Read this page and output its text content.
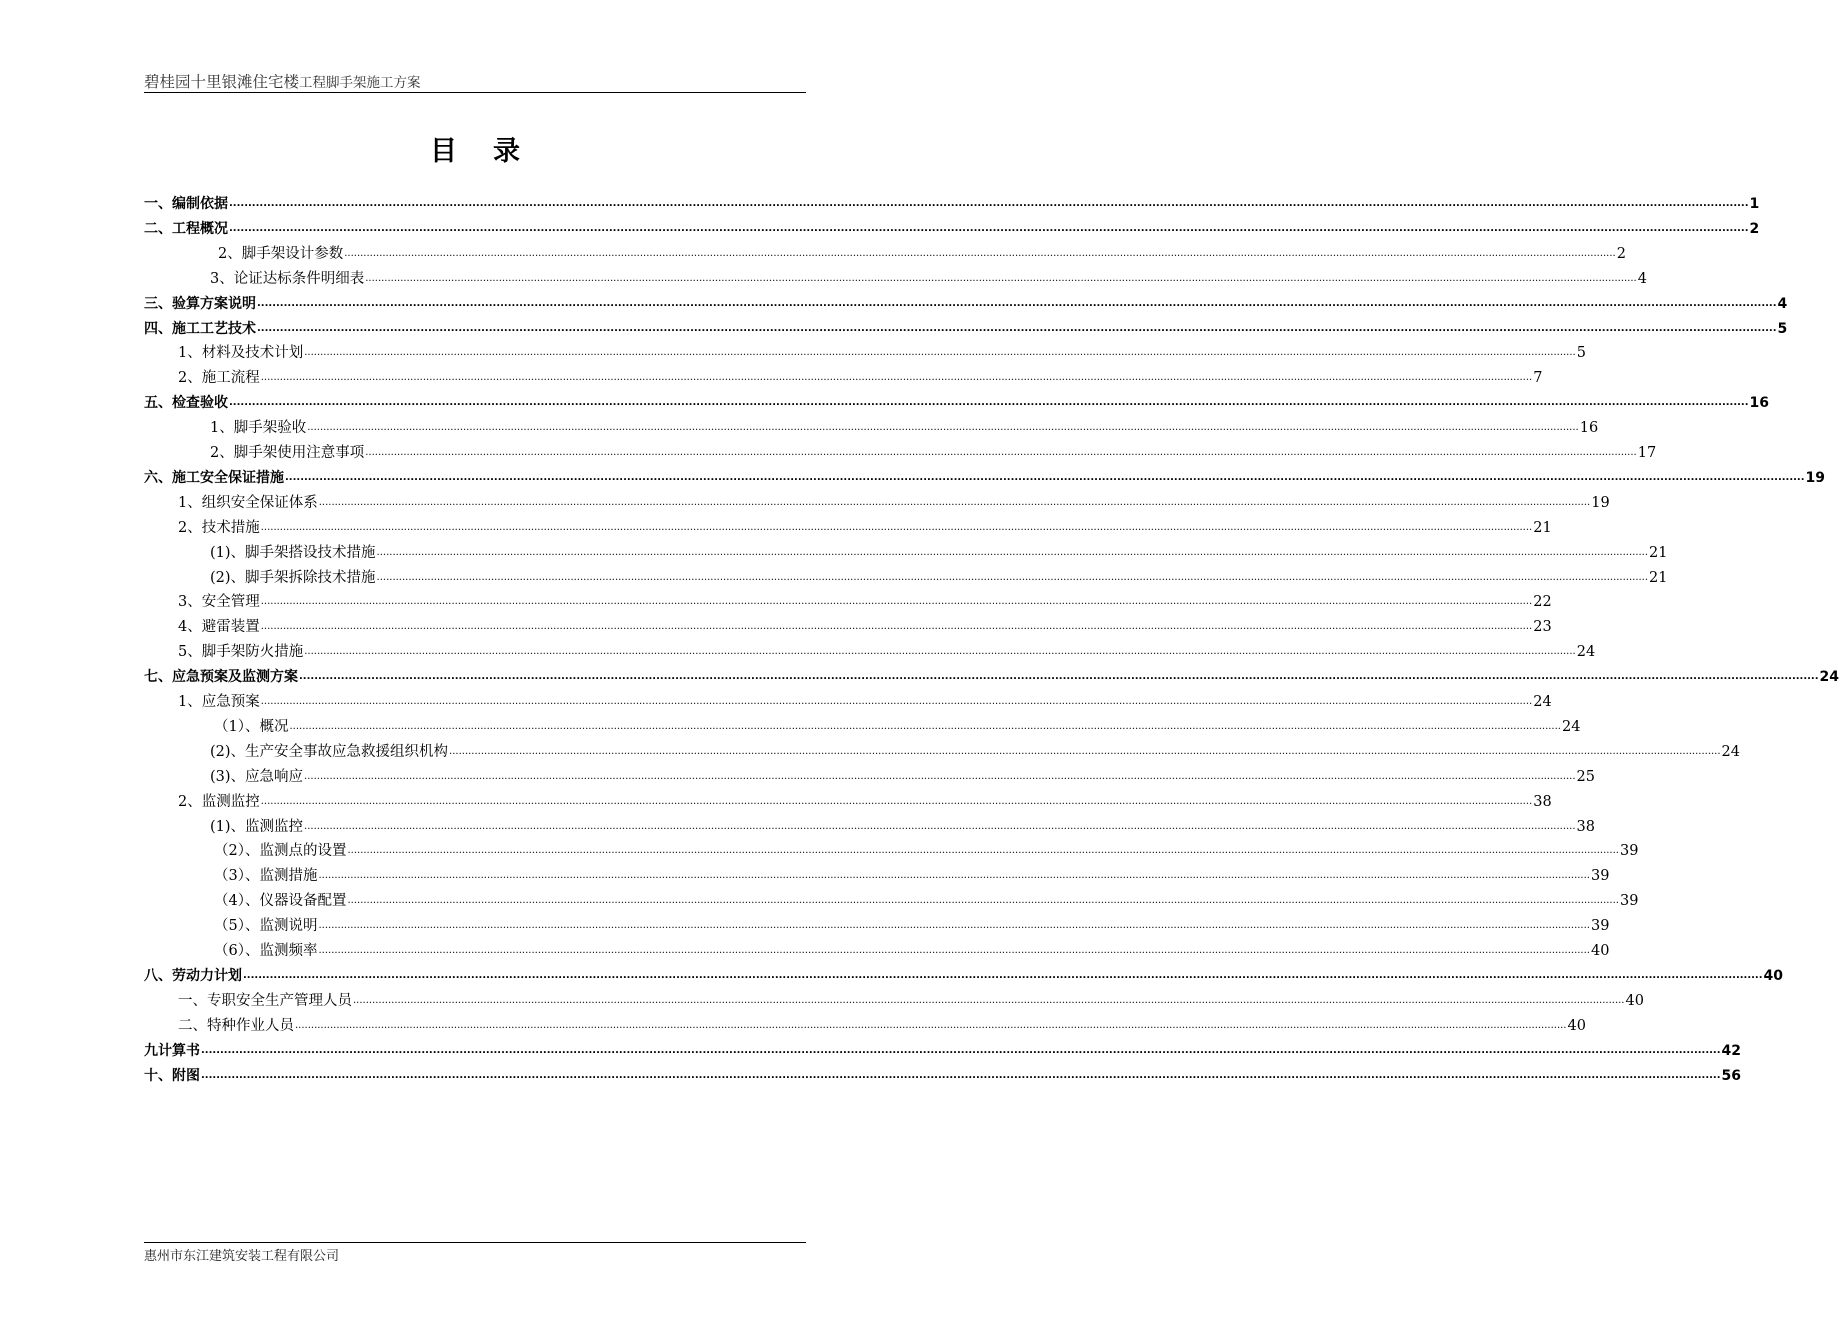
碧桂园十里银滩住宅楼工程脚手架施工方案
目录
一、编制依据 ................................................................................................................................................................................................................................................................................................................................................................................................................ 1
二、工程概况 ................................................................................................................................................................................................................................................................................................................................................................................................................ 2
2、脚手架设计参数 ................................................................................................................................................................................................................................................................................................................................................................................................................ 2
3、论证达标条件明细表 ................................................................................................................................................................................................................................................................................................................................................................................................................ 4
三、验算方案说明 ................................................................................................................................................................................................................................................................................................................................................................................................................ 4
四、施工工艺技术 ................................................................................................................................................................................................................................................................................................................................................................................................................ 5
1、材料及技术计划 ................................................................................................................................................................................................................................................................................................................................................................................................................ 5
2、施工流程 ................................................................................................................................................................................................................................................................................................................................................................................................................ 7
五、检查验收 ................................................................................................................................................................................................................................................................................................................................................................................................................ 16
1、脚手架验收 ................................................................................................................................................................................................................................................................................................................................................................................................................ 16
2、脚手架使用注意事项 ................................................................................................................................................................................................................................................................................................................................................................................................................ 17
六、施工安全保证措施 ................................................................................................................................................................................................................................................................................................................................................................................................................ 19
1、组织安全保证体系 ................................................................................................................................................................................................................................................................................................................................................................................................................ 19
2、技术措施 ................................................................................................................................................................................................................................................................................................................................................................................................................ 21
(1)、脚手架搭设技术措施 ................................................................................................................................................................................................................................................................................................................................................................................................................ 21
(2)、脚手架拆除技术措施 ................................................................................................................................................................................................................................................................................................................................................................................................................ 21
3、安全管理 ................................................................................................................................................................................................................................................................................................................................................................................................................ 22
4、避雷装置 ................................................................................................................................................................................................................................................................................................................................................................................................................ 23
5、脚手架防火措施 ................................................................................................................................................................................................................................................................................................................................................................................................................ 24
七、应急预案及监测方案 ................................................................................................................................................................................................................................................................................................................................................................................................................ 24
1、应急预案 ................................................................................................................................................................................................................................................................................................................................................................................................................ 24
（1）、概况 ................................................................................................................................................................................................................................................................................................................................................................................................................ 24
(2)、生产安全事故应急救援组织机构 ................................................................................................................................................................................................................................................................................................................................................................................................................ 24
(3)、应急响应 ................................................................................................................................................................................................................................................................................................................................................................................................................ 25
2、监测监控 ................................................................................................................................................................................................................................................................................................................................................................................................................ 38
(1)、监测监控 ................................................................................................................................................................................................................................................................................................................................................................................................................ 38
（2）、监测点的设置 ................................................................................................................................................................................................................................................................................................................................................................................................................ 39
（3）、监测措施 ................................................................................................................................................................................................................................................................................................................................................................................................................ 39
（4）、仪器设备配置 ................................................................................................................................................................................................................................................................................................................................................................................................................ 39
（5）、监测说明 ................................................................................................................................................................................................................................................................................................................................................................................................................ 39
（6）、监测频率 ................................................................................................................................................................................................................................................................................................................................................................................................................ 40
八、劳动力计划 ................................................................................................................................................................................................................................................................................................................................................................................................................ 40
一、专职安全生产管理人员 ................................................................................................................................................................................................................................................................................................................................................................................................................ 40
二、特种作业人员 ................................................................................................................................................................................................................................................................................................................................................................................................................ 40
九计算书 ................................................................................................................................................................................................................................................................................................................................................................................................................ 42
十、附图 ................................................................................................................................................................................................................................................................................................................................................................................................................ 56
惠州市东江建筑安装工程有限公司
